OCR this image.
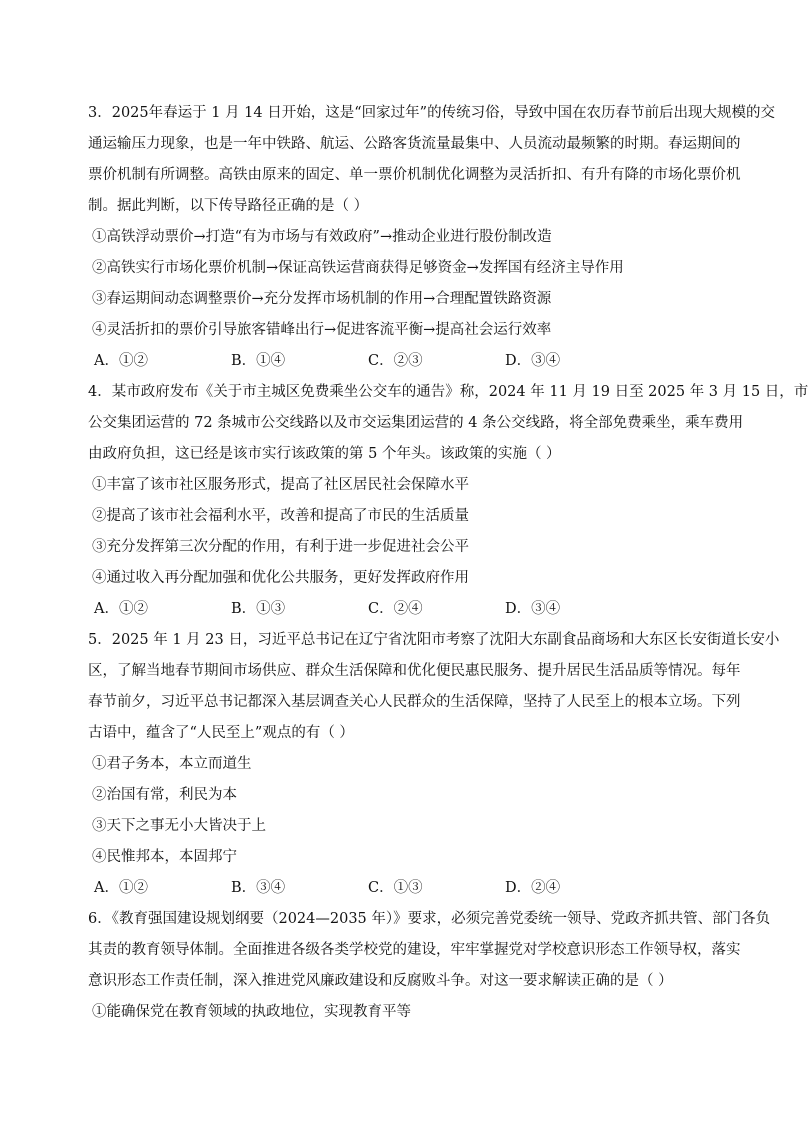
3．2025年春运于 1 月 14 日开始，这是“回家过年”的传统习俗，导致中国在农历春节前后出现大规模的交
通运输压力现象，也是一年中铁路、航运、公路客货流量最集中、人员流动最频繁的时期。春运期间的
票价机制有所调整。高铁由原来的固定、单一票价机制优化调整为灵活折扣、有升有降的市场化票价机
制。据此判断，以下传导路径正确的是（ ）
①高铁浮动票价→打造“有为市场与有效政府”→推动企业进行股份制改造
②高铁实行市场化票价机制→保证高铁运营商获得足够资金→发挥国有经济主导作用
③春运期间动态调整票价→充分发挥市场机制的作用→合理配置铁路资源
④灵活折扣的票价引导旅客错峰出行→促进客流平衡→提高社会运行效率
A．①②	B．①④	C．②③	D．③④
4．某市政府发布《关于市主城区免费乘坐公交车的通告》称，2024 年 11 月 19 日至 2025 年 3 月 15 日，市
公交集团运营的 72 条城市公交线路以及市交运集团运营的 4 条公交线路，将全部免费乘坐，乘车费用
由政府负担，这已经是该市实行该政策的第 5 个年头。该政策的实施（ ）
①丰富了该市社区服务形式，提高了社区居民社会保障水平
②提高了该市社会福利水平，改善和提高了市民的生活质量
③充分发挥第三次分配的作用，有利于进一步促进社会公平
④通过收入再分配加强和优化公共服务，更好发挥政府作用
A．①②	B．①③	C．②④	D．③④
5．2025 年 1 月 23 日，习近平总书记在辽宁省沈阳市考察了沈阳大东副食品商场和大东区长安街道长安小
区，了解当地春节期间市场供应、群众生活保障和优化便民惠民服务、提升居民生活品质等情况。每年
春节前夕，习近平总书记都深入基层调查关心人民群众的生活保障，坚持了人民至上的根本立场。下列
古语中，蕴含了“人民至上”观点的有（ ）
①君子务本，本立而道生
②治国有常，利民为本
③天下之事无小大皆决于上
④民惟邦本，本固邦宁
A．①②	B．③④	C．①③	D．②④
6．《教育强国建设规划纲要（2024—2035 年）》要求，必须完善党委统一领导、党政齐抓共管、部门各负
其责的教育领导体制。全面推进各级各类学校党的建设，牢牢掌握党对学校意识形态工作领导权，落实
意识形态工作责任制，深入推进党风廉政建设和反腐败斗争。对这一要求解读正确的是（ ）
①能确保党在教育领域的执政地位，实现教育平等
